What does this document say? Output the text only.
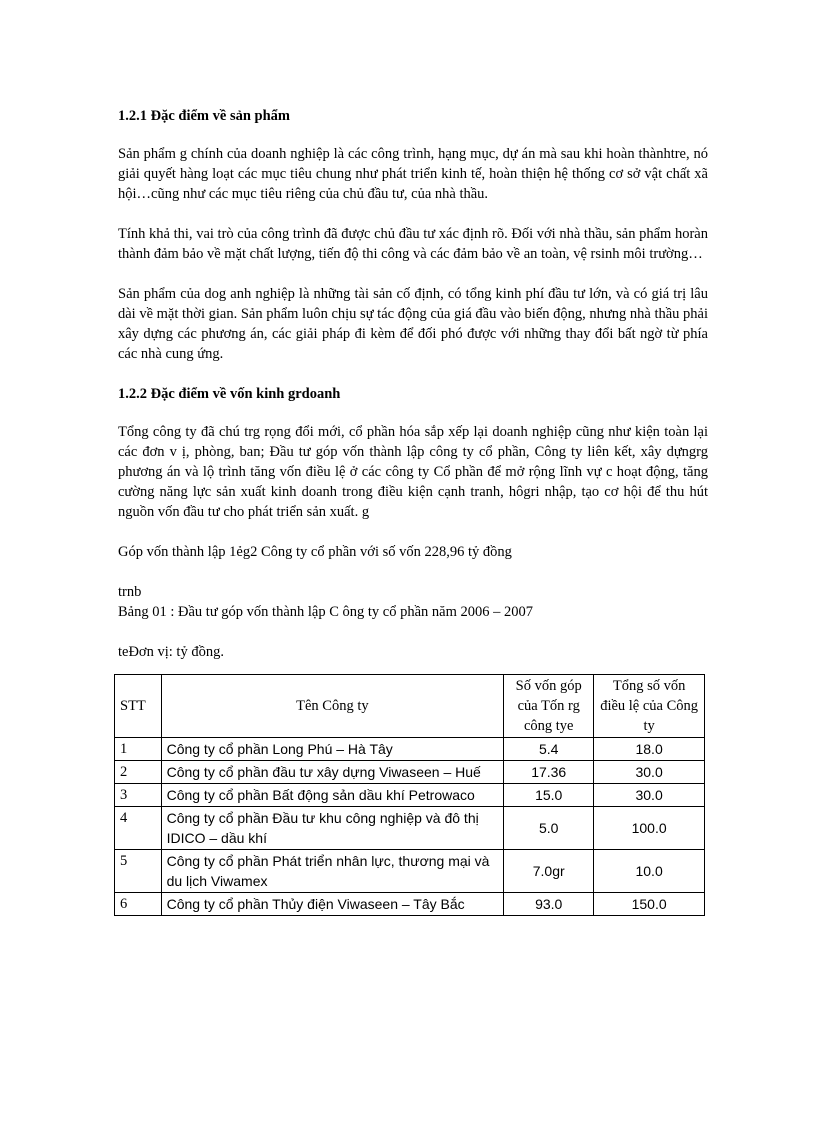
1.2.1 Đặc điểm về sản phẩm

Sản phẩm g chính của doanh nghiệp là các công trình, hạng mục, dự án mà sau khi hoàn thànhtre, nó giải quyết hàng loạt các mục tiêu chung như phát triển kinh tế, hoàn thiện hệ thống cơ sở vật chất xã hội…cũng như các mục tiêu riêng của chủ đầu tư, của nhà thầu.

Tính khả thi, vai trò của công trình đã được chủ đầu tư xác định rõ. Đối với nhà thầu, sản phẩm horàn thành đảm bảo về mặt chất lượng, tiến độ thi công và các đảm bảo về an toàn, vệ rsinh môi trường…

Sản phẩm của dog anh nghiệp là những tài sản cố định, có tổng kinh phí đầu tư lớn, và có giá trị lâu dài về mặt thời gian. Sản phẩm luôn chịu sự tác động của giá đầu vào biến động, nhưng nhà thầu phải xây dựng các phương án, các giải pháp đi kèm để đối phó được với những thay đổi bất ngờ từ phía các nhà cung ứng.

1.2.2 Đặc điểm về vốn kinh grdoanh

Tổng công ty đã chú trg rọng đổi mới, cổ phần hóa sắp xếp lại doanh nghiệp cũng như kiện toàn lại các đơn v ị, phòng, ban; Đầu tư góp vốn thành lập công ty cổ phần, Công ty liên kết, xây dựngrg phương án và lộ trình tăng vốn điều lệ ở các công ty Cổ phần để mở rộng lĩnh vự c hoạt động, tăng cường năng lực sản xuất kinh doanh trong điều kiện cạnh tranh, hôgri nhập, tạo cơ hội để thu hút nguồn vốn đầu tư cho phát triển sản xuất. g

Góp vốn thành lập 1ẻg2 Công ty cổ phần với số vốn 228,96 tỷ đồng

trnb
Bảng 01 : Đầu tư góp vốn thành lập C ông ty cổ phần năm 2006 – 2007
teĐơn vị: tỷ đồng.
STT	Tên Công ty	Số vốn góp của Tốn rg công tye	Tổng số vốn điều lệ của Công ty
1	Công ty cổ phần Long Phú – Hà Tây	5.4	18.0
2	Công ty cổ phần đầu tư xây dựng Viwaseen – Huế	17.36	30.0
3	Công ty cổ phần Bất động sản dầu khí Petrowaco	15.0	30.0
4	Công ty cổ phần Đầu tư khu công nghiệp và đô thị IDICO – dầu khí	5.0	100.0
5	Công ty cổ phần Phát triển nhân lực, thương mại và du lịch Viwamex	7.0gr	10.0
6	Công ty cổ phần Thủy điện Viwaseen – Tây Bắc	93.0	150.0
